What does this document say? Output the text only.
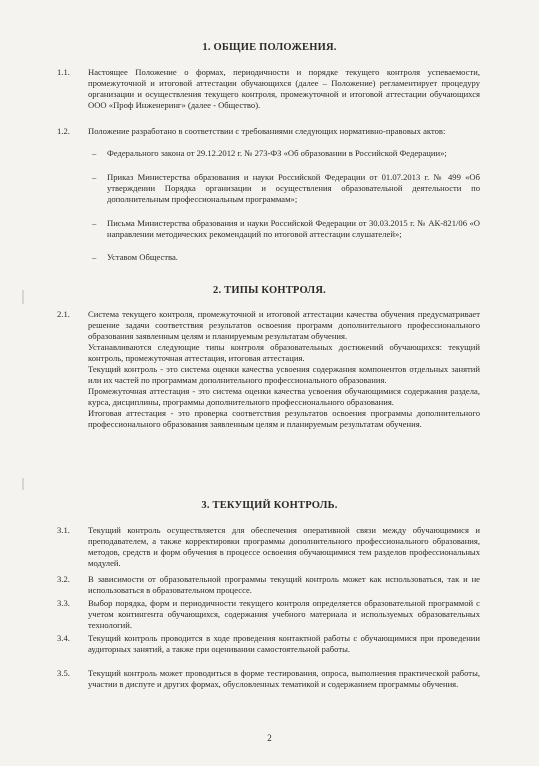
1. ОБЩИЕ ПОЛОЖЕНИЯ.
1.1.	Настоящее Положение о формах, периодичности и порядке текущего контроля успеваемости, промежуточной и итоговой аттестации обучающихся (далее – Положение) регламентирует процедуру организации и осуществления текущего контроля, промежуточной и итоговой аттестации обучающихся ООО «Проф Инженеринг» (далее - Общество).
1.2.	Положение разработано в соответствии с требованиями следующих нормативно-правовых актов:
–	Федерального закона от 29.12.2012 г. № 273-ФЗ «Об образовании в Российской Федерации»;
–	Приказ Министерства образования и науки Российской Федерации от 01.07.2013 г. № 499 «Об утверждении Порядка организации и осуществления образовательной деятельности по дополнительным профессиональным программам»;
–	Письма Министерства образования и науки Российской Федерации от 30.03.2015 г. № АК-821/06 «О направлении методических рекомендаций по итоговой аттестации слушателей»;
–	Уставом Общества.
2. ТИПЫ КОНТРОЛЯ.
2.1.	Система текущего контроля, промежуточной и итоговой аттестации качества обучения предусматривает решение задачи соответствия результатов освоения программ дополнительного профессионального образования заявленным целям и планируемым результатам обучения.

Устанавливаются следующие типы контроля образовательных достижений обучающихся: текущий контроль, промежуточная аттестация, итоговая аттестация.

Текущий контроль - это система оценки качества усвоения содержания компонентов отдельных занятий или их частей по программам дополнительного профессионального образования.

Промежуточная аттестация - это система оценки качества усвоения обучающимися содержания раздела, курса, дисциплины, программы дополнительного профессионального образования.

Итоговая аттестация - это проверка соответствия результатов освоения программы дополнительного профессионального образования заявленным целям и планируемым результатам обучения.

3. ТЕКУЩИЙ КОНТРОЛЬ.
3.1.	Текущий контроль осуществляется для обеспечения оперативной связи между обучающимися и преподавателем, а также корректировки программы дополнительного профессионального образования, методов, средств и форм обучения в процессе освоения обучающимися тем разделов профессиональных модулей.
3.2.	В зависимости от образовательной программы текущий контроль может как использоваться, так и не использоваться в образовательном процессе.
3.3.	Выбор порядка, форм и периодичности текущего контроля определяется образовательной программой с учетом контингента обучающихся, содержания учебного материала и используемых образовательных технологий.
3.4.	Текущий контроль проводится в ходе проведения контактной работы с обучающимися при проведении аудиторных занятий, а также при оценивании самостоятельной работы.
3.5.	Текущий контроль может проводиться в форме тестирования, опроса, выполнения практической работы, участии в диспуте и других формах, обусловленных тематикой и содержанием программы обучения.
2
